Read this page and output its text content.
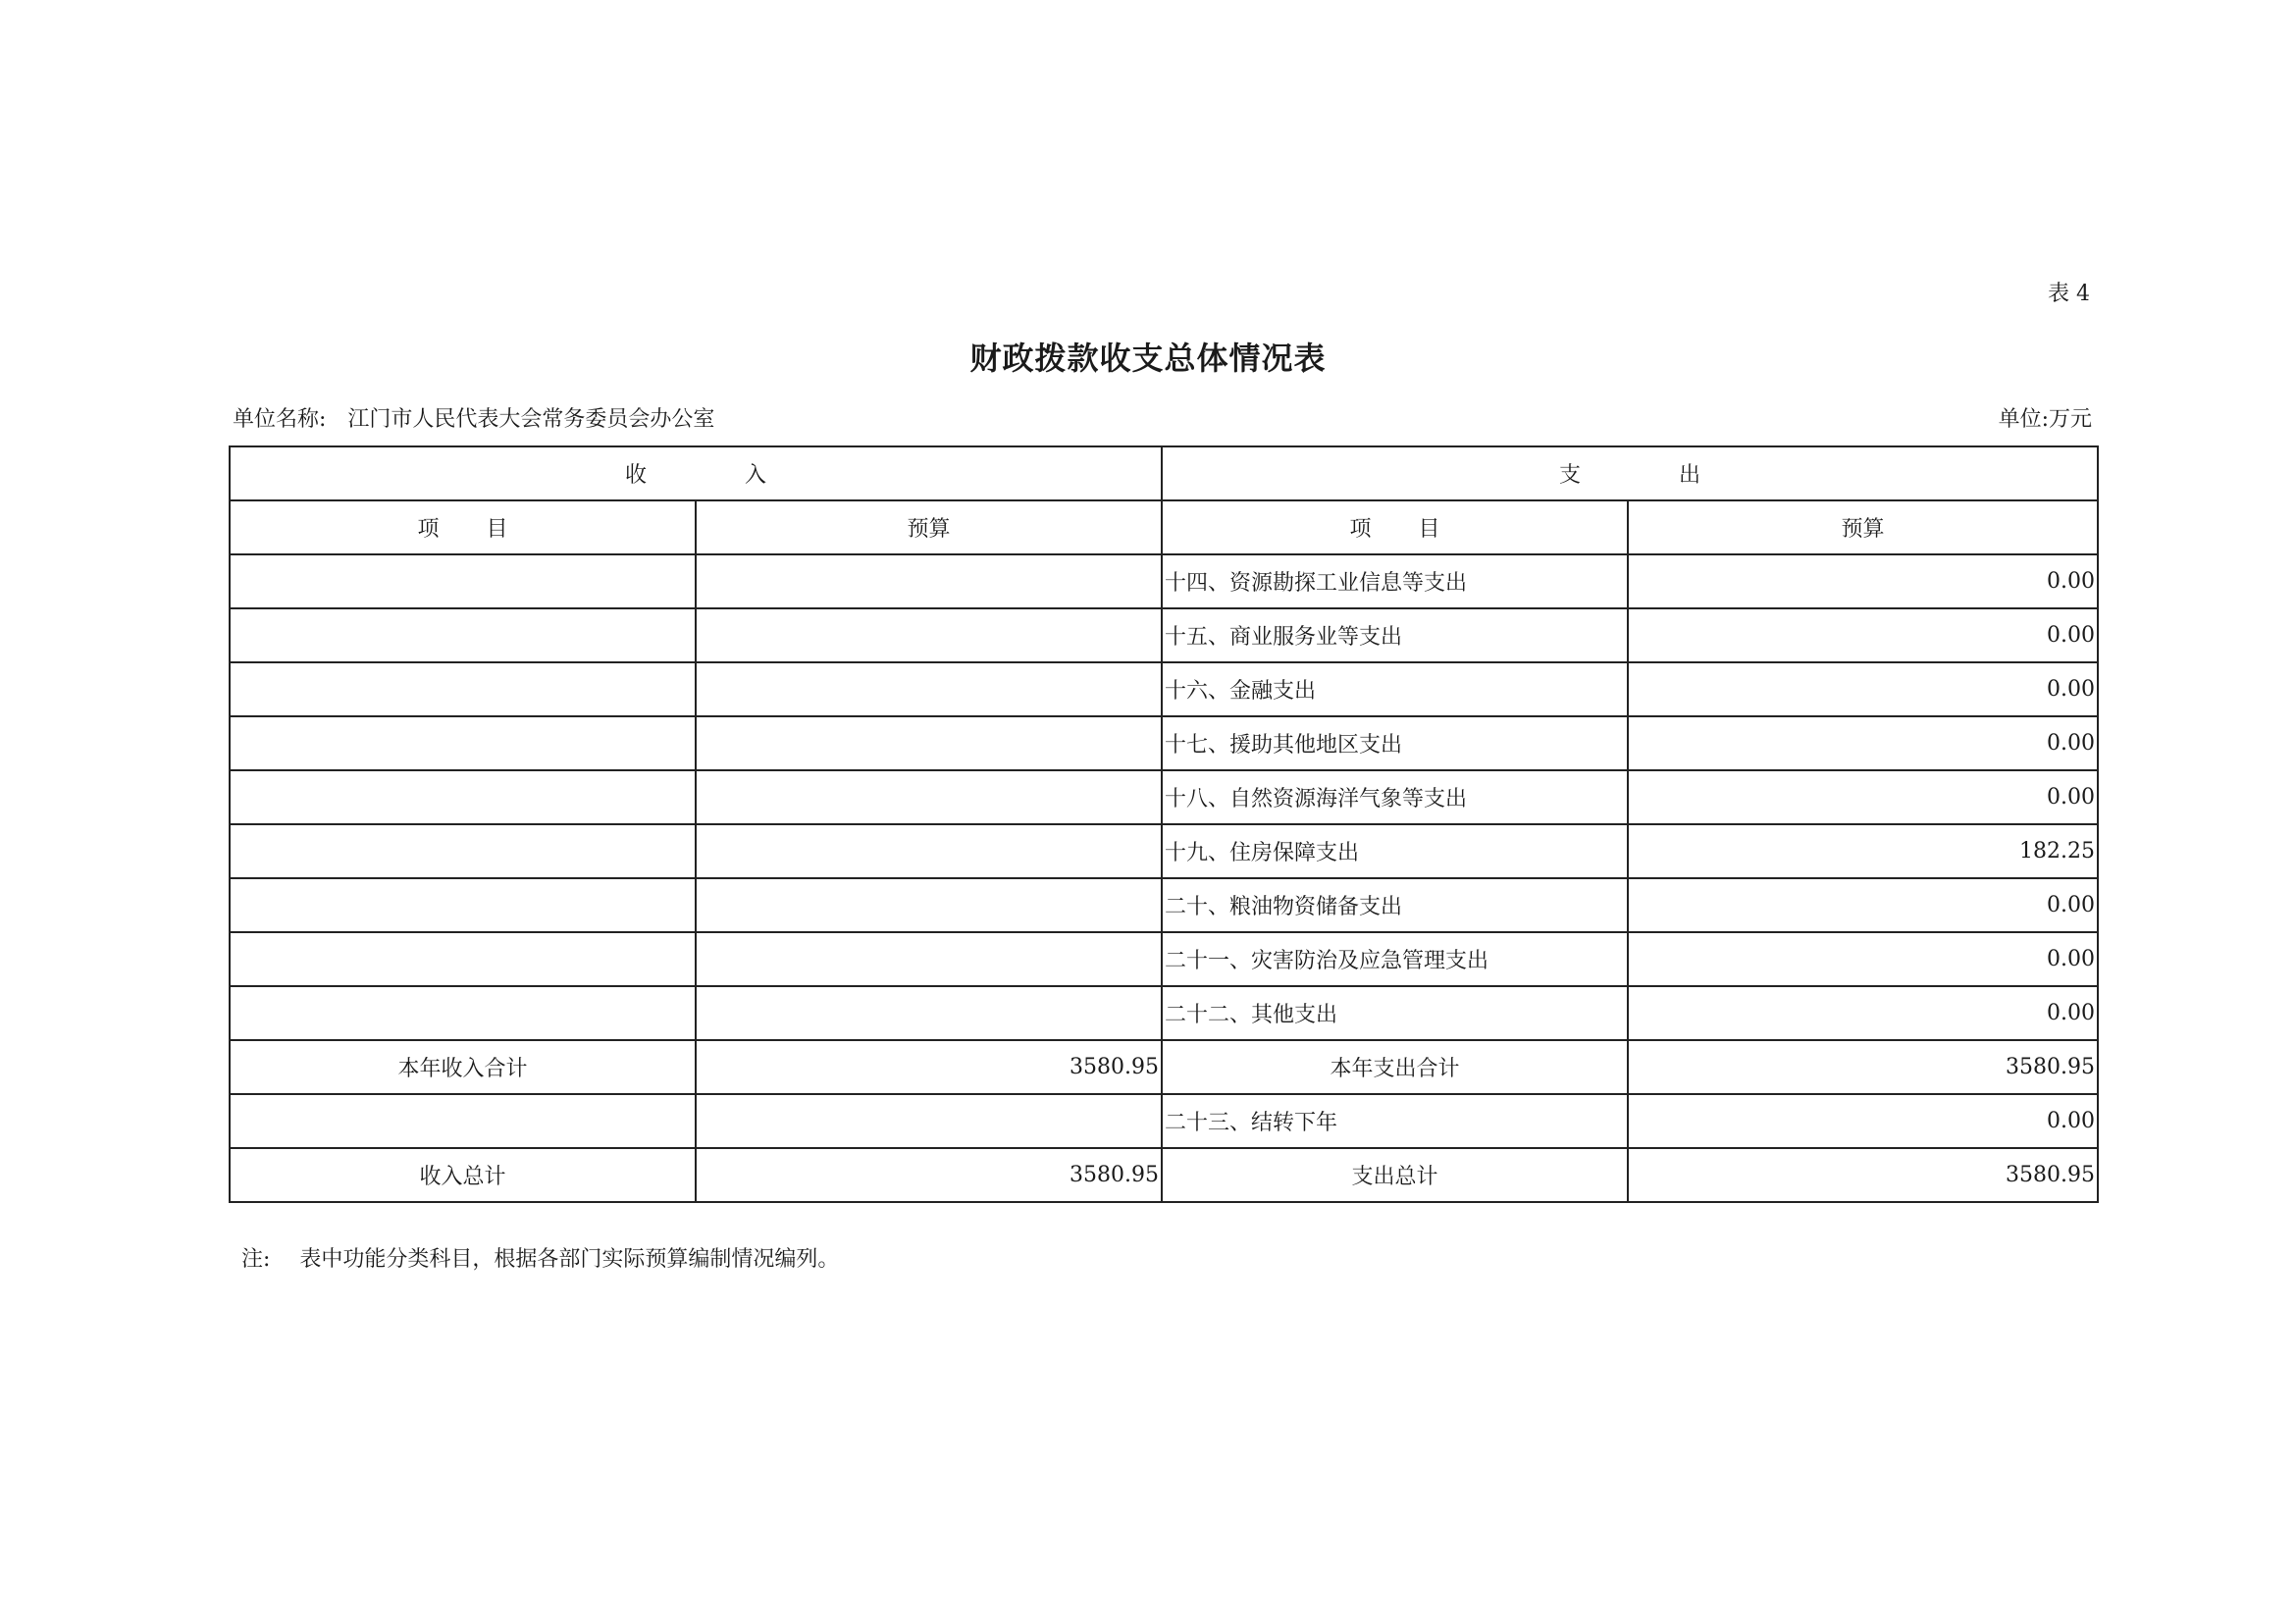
表 4
财政拨款收支总体情况表
单位名称: 江门市人民代表大会常务委员会办公室	单位:万元
收 入		支 出	
项 目	预算	项 目	预算
		十四、资源勘探工业信息等支出	0.00
		十五、商业服务业等支出	0.00
		十六、金融支出	0.00
		十七、援助其他地区支出	0.00
		十八、自然资源海洋气象等支出	0.00
		十九、住房保障支出	182.25
		二十、粮油物资储备支出	0.00
		二十一、灾害防治及应急管理支出	0.00
		二十二、其他支出	0.00
本年收入合计	3580.95	本年支出合计	3580.95
		二十三、结转下年	0.00
收入总计	3580.95	支出总计	3580.95
注: 表中功能分类科目，根据各部门实际预算编制情况编列。
